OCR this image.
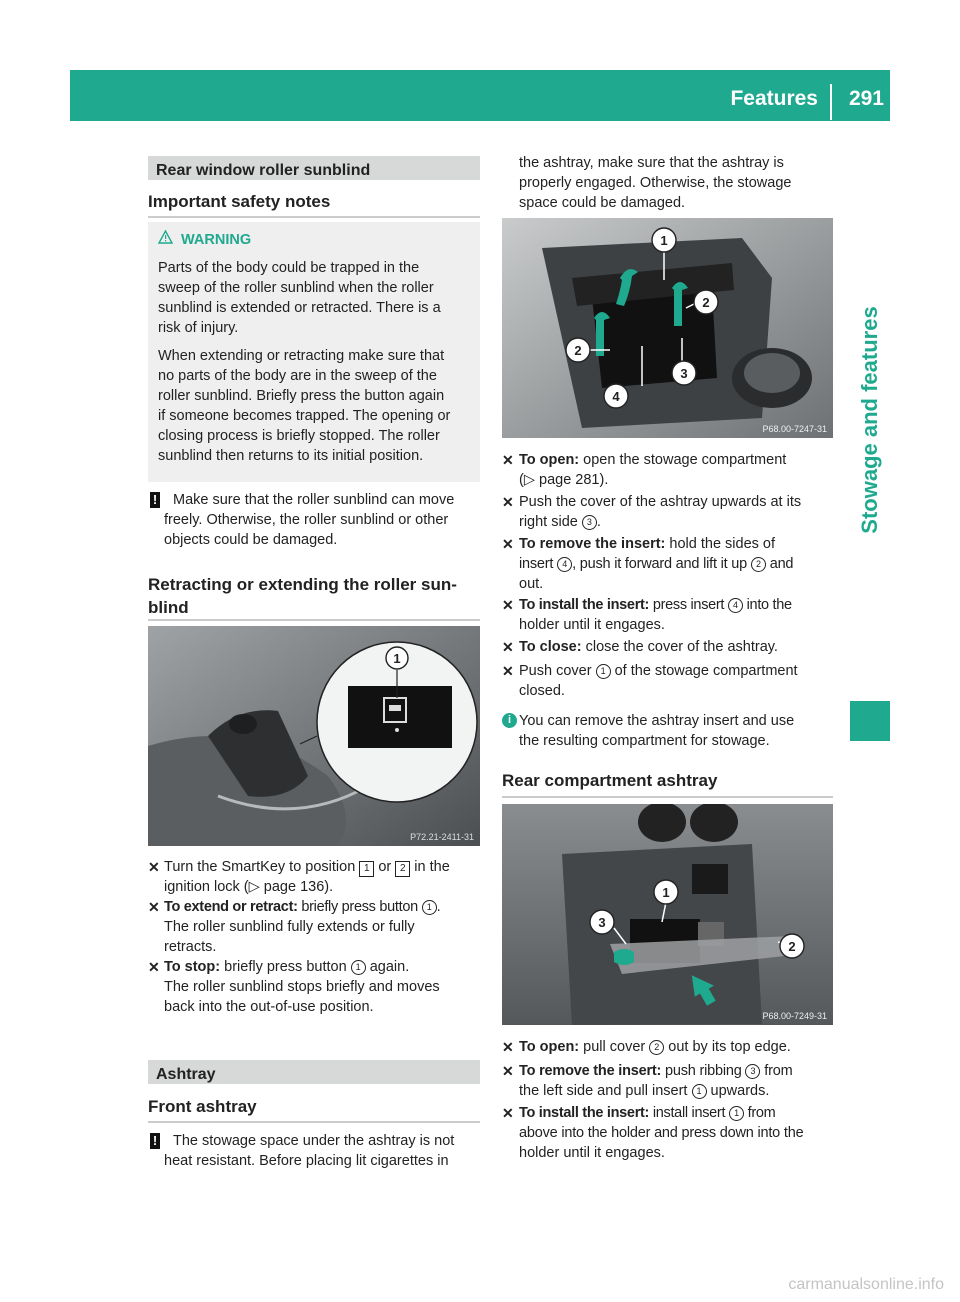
Features 291
Stowage and features
Rear window roller sunblind
Important safety notes
WARNING
Parts of the body could be trapped in the
sweep of the roller sunblind when the roller
sunblind is extended or retracted. There is a
risk of injury.
When extending or retracting make sure that
no parts of the body are in the sweep of the
roller sunblind. Briefly press the button again
if someone becomes trapped. The opening or
closing process is briefly stopped. The roller
sunblind then returns to its initial position.
! Make sure that the roller sunblind can move
freely. Otherwise, the roller sunblind or other
objects could be damaged.
Retracting or extending the roller sun-
blind
1
P72.21-2411-31
✕ Turn the SmartKey to position 1 or 2 in the
ignition lock (▷ page 136).
✕ To extend or retract: briefly press button 1 .
The roller sunblind fully extends or fully
retracts.
✕ To stop: briefly press button 1 again.
The roller sunblind stops briefly and moves
back into the out-of-use position.
Ashtray
Front ashtray
! The stowage space under the ashtray is not
heat resistant. Before placing lit cigarettes in
the ashtray, make sure that the ashtray is
properly engaged. Otherwise, the stowage
space could be damaged.
1
2
2
3
4
P68.00-7247-31
✕ To open: open the stowage compartment
(▷ page 281).
✕ Push the cover of the ashtray upwards at its
right side 3 .
✕ To remove the insert: hold the sides of
insert 4 , push it forward and lift it up 2 and
out.
✕ To install the insert: press insert 4 into the
holder until it engages.
✕ To close: close the cover of the ashtray.
✕ Push cover 1 of the stowage compartment
closed.
i You can remove the ashtray insert and use
the resulting compartment for stowage.
Rear compartment ashtray
1
2
3
P68.00-7249-31
✕ To open: pull cover 2 out by its top edge.
✕ To remove the insert: push ribbing 3 from
the left side and pull insert 1 upwards.
✕ To install the insert: install insert 1 from
above into the holder and press down into the
holder until it engages.
carmanualsonline.info
